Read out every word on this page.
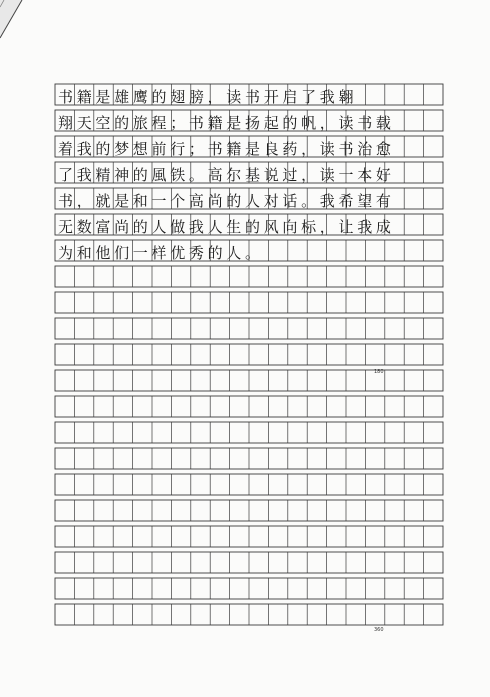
书籍是雄鹰的翅膀，读书开启了我翱
翔天空的旅程；书籍是扬起的帆，读书载
着我的梦想前行；书籍是良药，读书治愈
了我精神的風铁。高尔基说过，读一本好
书，就是和一个高尚的人对话。我希望有
无数富尚的人做我人生的风向标，让我成
为和他们一样优秀的人。
180
360
